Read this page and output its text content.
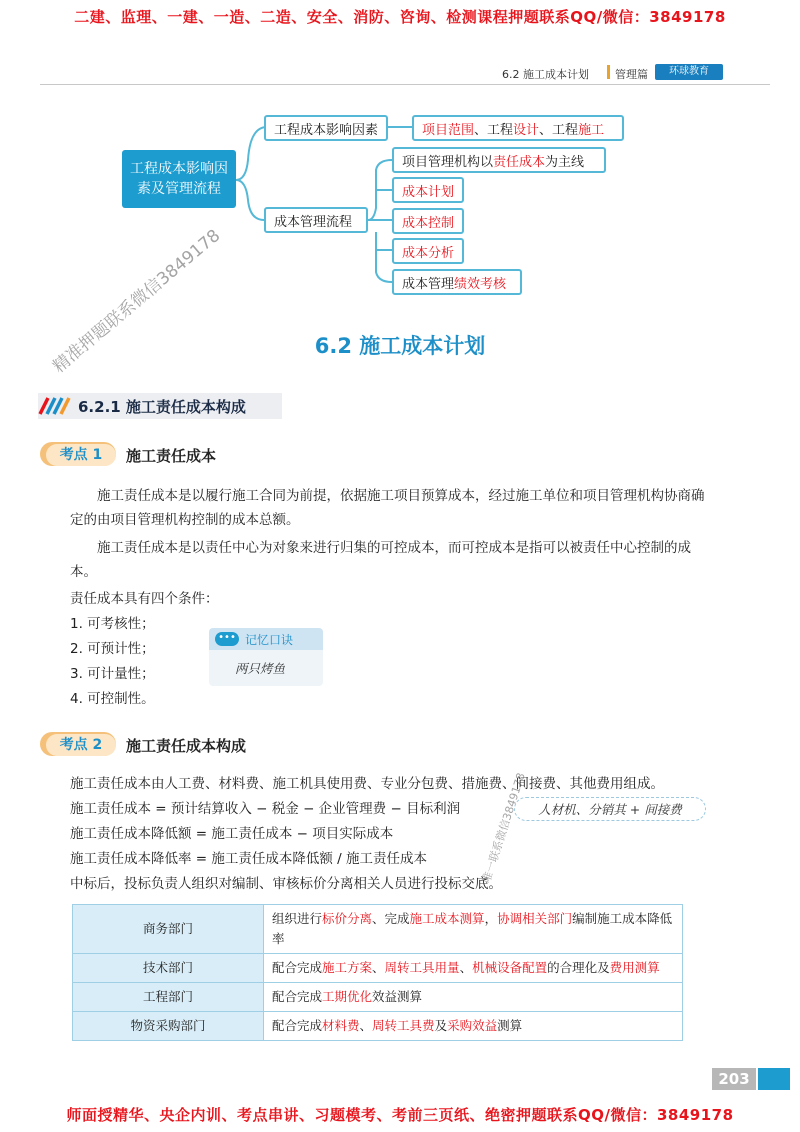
二建、监理、一建、一造、二造、安全、消防、咨询、检测课程押题联系QQ/微信：3849178
6.2 施工成本计划 管理篇	环球教育
工程成本影响因素及管理流程
工程成本影响因素	项目范围 、工程 设计 、工程 施工
成本管理流程
项目管理机构以 责任成本 为主线
成本计划
成本控制
成本分析
成本管理 绩效考核
6.2 施工成本计划
6.2.1 施工责任成本构成
考点 1	施工责任成本
施工责任成本是以履行施工合同为前提，依据施工项目预算成本，经过施工单位和项目管理机构协商确定的由项目管理机构控制的成本总额。
施工责任成本是以责任中心为对象来进行归集的可控成本，而可控成本是指可以被责任中心控制的成本。
责任成本具有四个条件：
1. 可考核性；
2. 可预计性；
3. 可计量性；
4. 可控制性。
••• 记忆口诀
两只烤鱼
考点 2	施工责任成本构成
施工责任成本由人工费、材料费、施工机具使用费、专业分包费、措施费、间接费、其他费用组成。
施工责任成本 = 预计结算收入 − 税金 − 企业管理费 − 目标利润
施工责任成本降低额 = 施工责任成本 − 项目实际成本
施工责任成本降低率 = 施工责任成本降低额 / 施工责任成本
中标后，投标负责人组织对编制、审核标价分离相关人员进行投标交底。
人材机、分销其 + 间接费
商务部门	组织进行标价分离、完成施工成本测算，协调相关部门编制施工成本降低率
技术部门	配合完成施工方案、周转工具用量、机械设备配置的合理化及费用测算
工程部门	配合完成工期优化效益测算
物资采购部门	配合完成材料费、周转工具费及采购效益测算
203
精准押题联系微信3849178
唯一联系微信3849178
师面授精华、央企内训、考点串讲、习题模考、考前三页纸、绝密押题联系QQ/微信：3849178
